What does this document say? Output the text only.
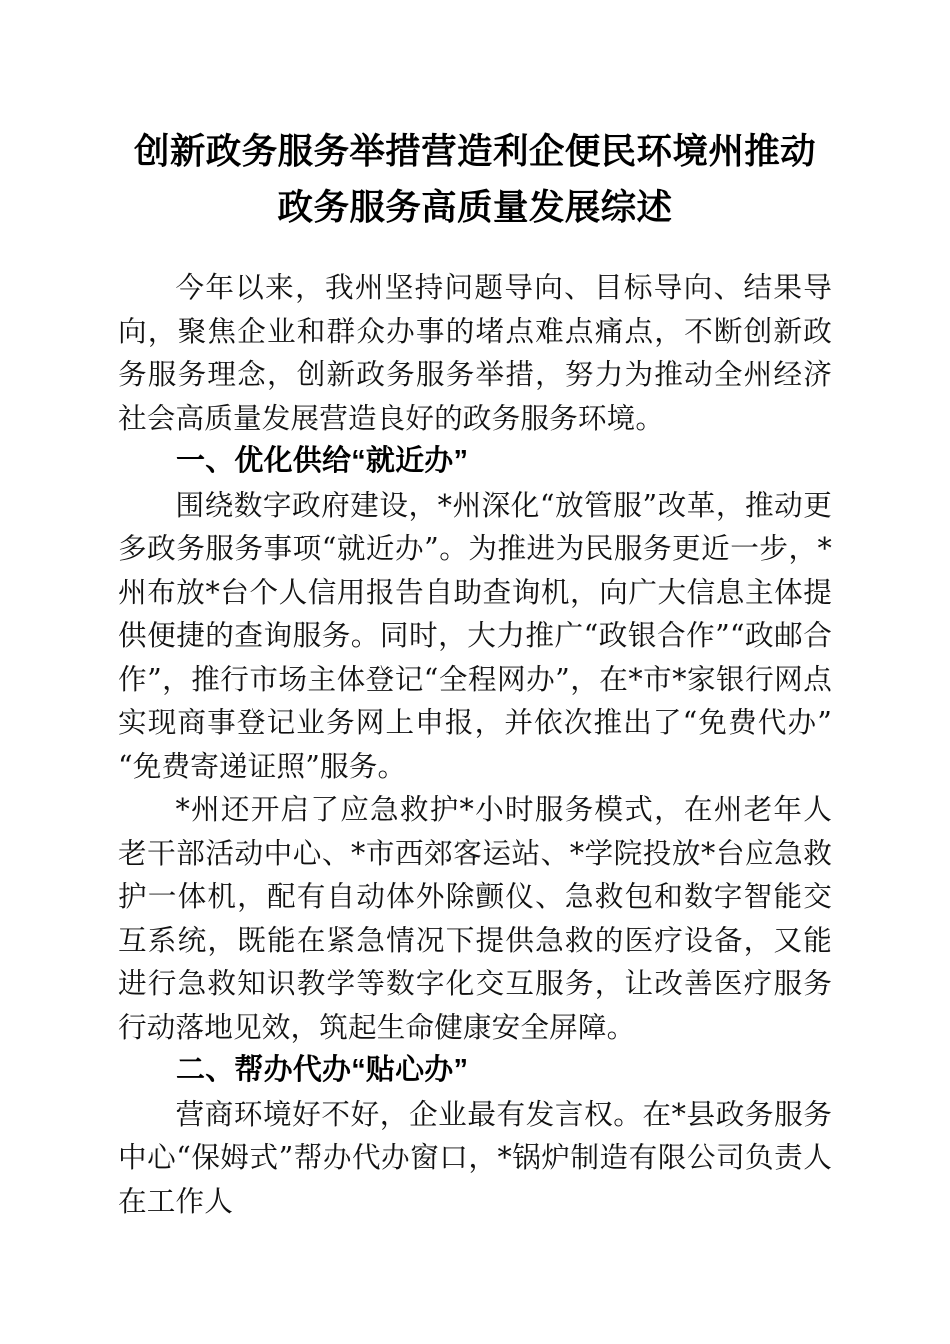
创新政务服务举措营造利企便民环境州推动政务服务高质量发展综述

今年以来，我州坚持问题导向、目标导向、结果导向，聚焦企业和群众办事的堵点难点痛点，不断创新政务服务理念，创新政务服务举措，努力为推动全州经济社会高质量发展营造良好的政务服务环境。

一、优化供给“就近办”

围绕数字政府建设，*州深化“放管服”改革，推动更多政务服务事项“就近办”。为推进为民服务更近一步，*州布放*台个人信用报告自助查询机，向广大信息主体提供便捷的查询服务。同时，大力推广“政银合作”“政邮合作”，推行市场主体登记“全程网办”，在*市*家银行网点实现商事登记业务网上申报，并依次推出了“免费代办”“免费寄递证照”服务。

*州还开启了应急救护*小时服务模式，在州老年人老干部活动中心、*市西郊客运站、*学院投放*台应急救护一体机，配有自动体外除颤仪、急救包和数字智能交互系统，既能在紧急情况下提供急救的医疗设备，又能进行急救知识教学等数字化交互服务，让改善医疗服务行动落地见效，筑起生命健康安全屏障。

二、帮办代办“贴心办”

营商环境好不好，企业最有发言权。在*县政务服务中心“保姆式”帮办代办窗口，*锅炉制造有限公司负责人在工作人
